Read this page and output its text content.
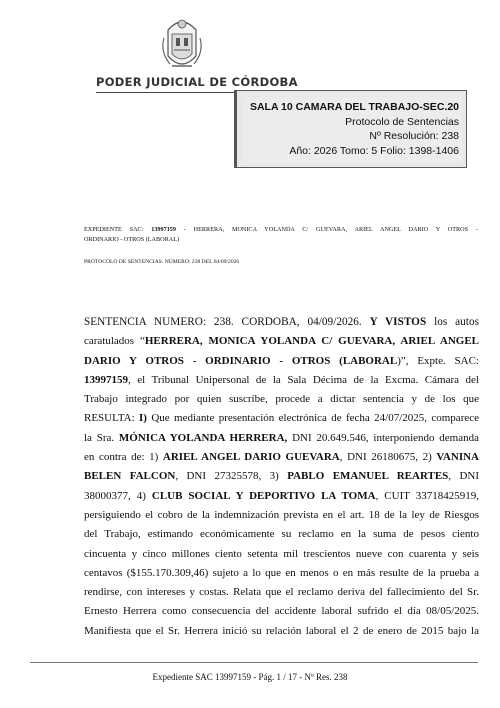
PODER JUDICIAL DE CÓRDOBA
SALA 10 CAMARA DEL TRABAJO-SEC.20
Protocolo de Sentencias
Nº Resolución: 238
Año: 2026 Tomo: 5 Folio: 1398-1406
EXPEDIENTE SAC: 13997159 - HERRERA, MONICA YOLANDA C/ GUEVARA, ARIEL ANGEL DARIO Y OTROS -
ORDINARIO - OTROS (LABORAL)
PROTOCOLO DE SENTENCIAS. NÚMERO: 238 DEL 04/09/2026
SENTENCIA NUMERO: 238. CORDOBA, 04/09/2026. Y VISTOS los autos
caratulados “HERRERA, MONICA YOLANDA C/ GUEVARA, ARIEL ANGEL
DARIO Y OTROS - ORDINARIO - OTROS (LABORAL)”, Expte. SAC:
13997159, el Tribunal Unipersonal de la Sala Décima de la Excma. Cámara del
Trabajo integrado por quien suscribe, procede a dictar sentencia y de los que
RESULTA: I) Que mediante presentación electrónica de fecha 24/07/2025, comparece
la Sra. MÓNICA YOLANDA HERRERA, DNI 20.649.546, interponiendo demanda
en contra de: 1) ARIEL ANGEL DARIO GUEVARA, DNI 26180675, 2) VANINA
BELEN FALCON, DNI 27325578, 3) PABLO EMANUEL REARTES, DNI
38000377, 4) CLUB SOCIAL Y DEPORTIVO LA TOMA, CUIT 33718425919,
persiguiendo el cobro de la indemnización prevista en el art. 18 de la ley de Riesgos
del Trabajo, estimando económicamente su reclamo en la suma de pesos ciento
cincuenta y cinco millones ciento setenta mil trescientos nueve con cuarenta y seis
centavos ($155.170.309,46) sujeto a lo que en menos o en más resulte de la prueba a
rendirse, con intereses y costas. Relata que el reclamo deriva del fallecimiento del Sr.
Ernesto Herrera como consecuencia del accidente laboral sufrido el día 08/05/2025.
Manifiesta que el Sr. Herrera inició su relación laboral el 2 de enero de 2015 bajo la
Expediente SAC 13997159 - Pág. 1 / 17 - Nº Res. 238
